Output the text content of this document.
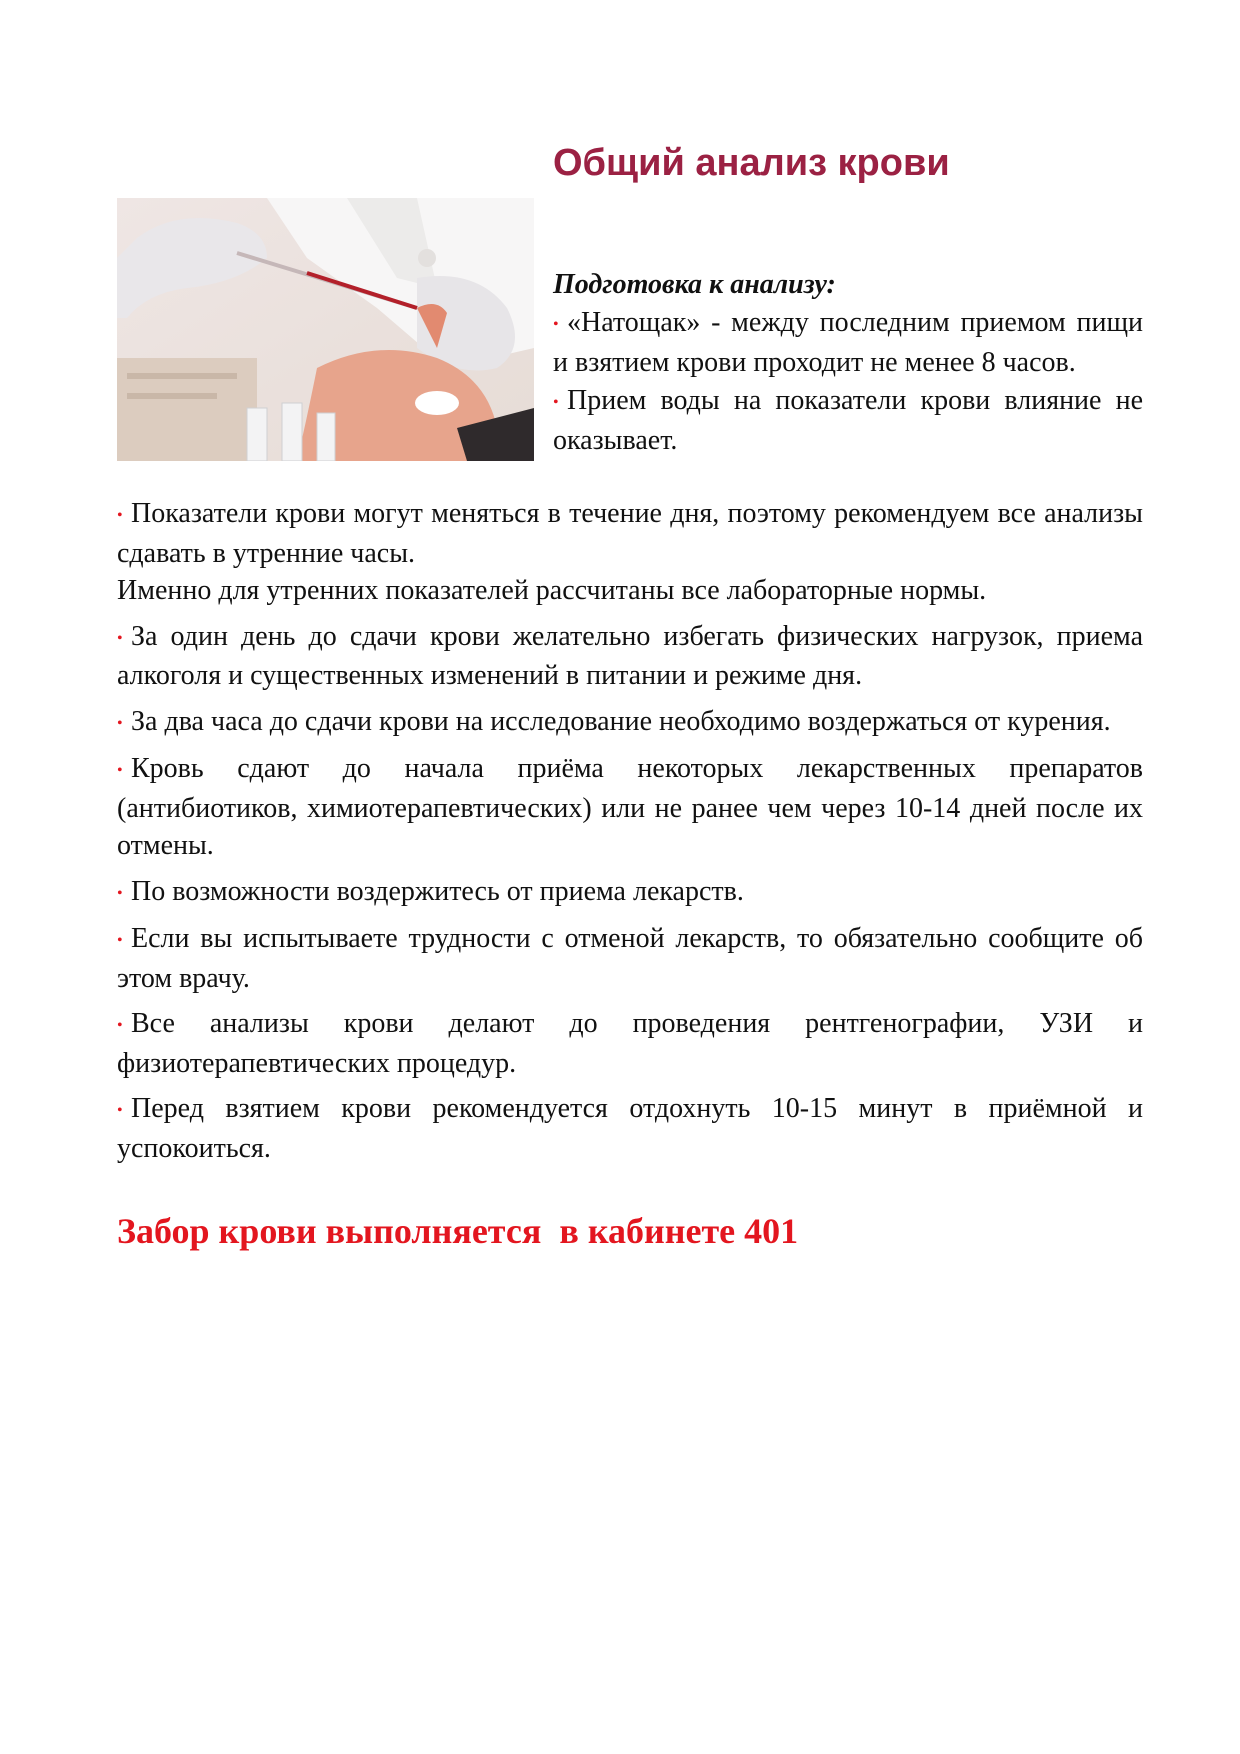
Общий анализ крови

Подготовка к анализу:

• «Натощак» - между последним приемом пищи и взятием крови проходит не менее 8 часов.

• Прием воды на показатели крови влияние не оказывает.

• Показатели крови могут меняться в течение дня, поэтому рекомендуем все анализы сдавать в утренние часы.

Именно для утренних показателей рассчитаны все лабораторные нормы.

• За один день до сдачи крови желательно избегать физических нагрузок, приема алкоголя и существенных изменений в питании и режиме дня.

• За два часа до сдачи крови на исследование необходимо воздержаться от курения.

• Кровь сдают до начала приёма некоторых лекарственных препаратов (антибиотиков, химиотерапевтических) или не ранее чем через 10-14 дней после их отмены.

• По возможности воздержитесь от приема лекарств.

• Если вы испытываете трудности с отменой лекарств, то обязательно сообщите об этом врачу.

• Все анализы крови делают до проведения рентгенографии, УЗИ и физиотерапевтических процедур.

• Перед взятием крови рекомендуется отдохнуть 10-15 минут в приёмной и успокоиться.

Забор крови выполняется  в кабинете 401
